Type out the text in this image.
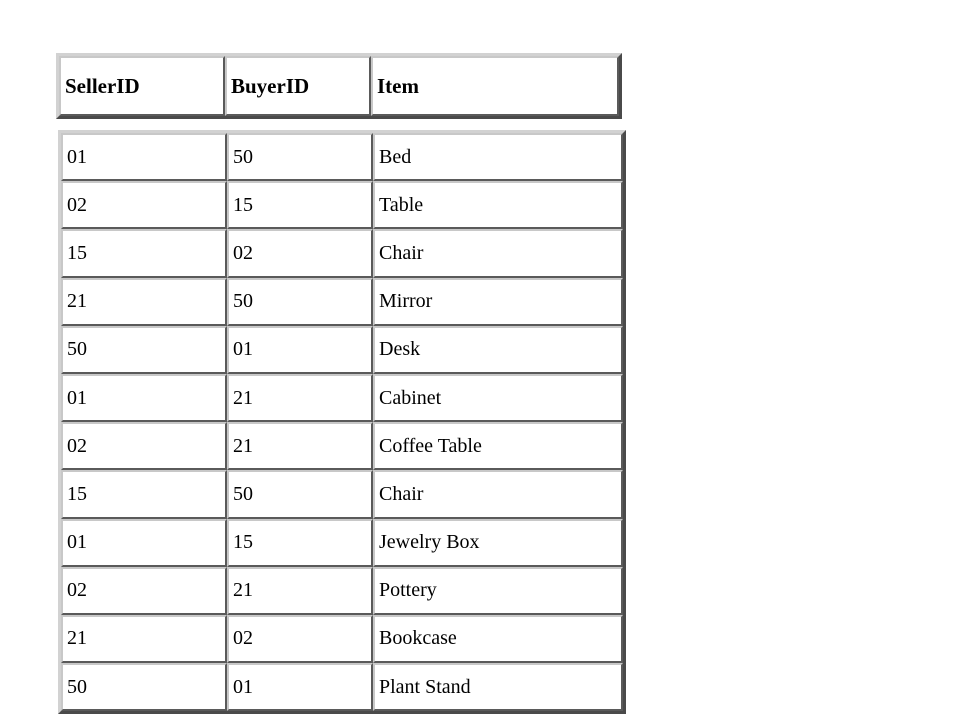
SellerID	BuyerID	Item
01	50	Bed
02	15	Table
15	02	Chair
21	50	Mirror
50	01	Desk
01	21	Cabinet
02	21	Coffee Table
15	50	Chair
01	15	Jewelry Box
02	21	Pottery
21	02	Bookcase
50	01	Plant Stand
